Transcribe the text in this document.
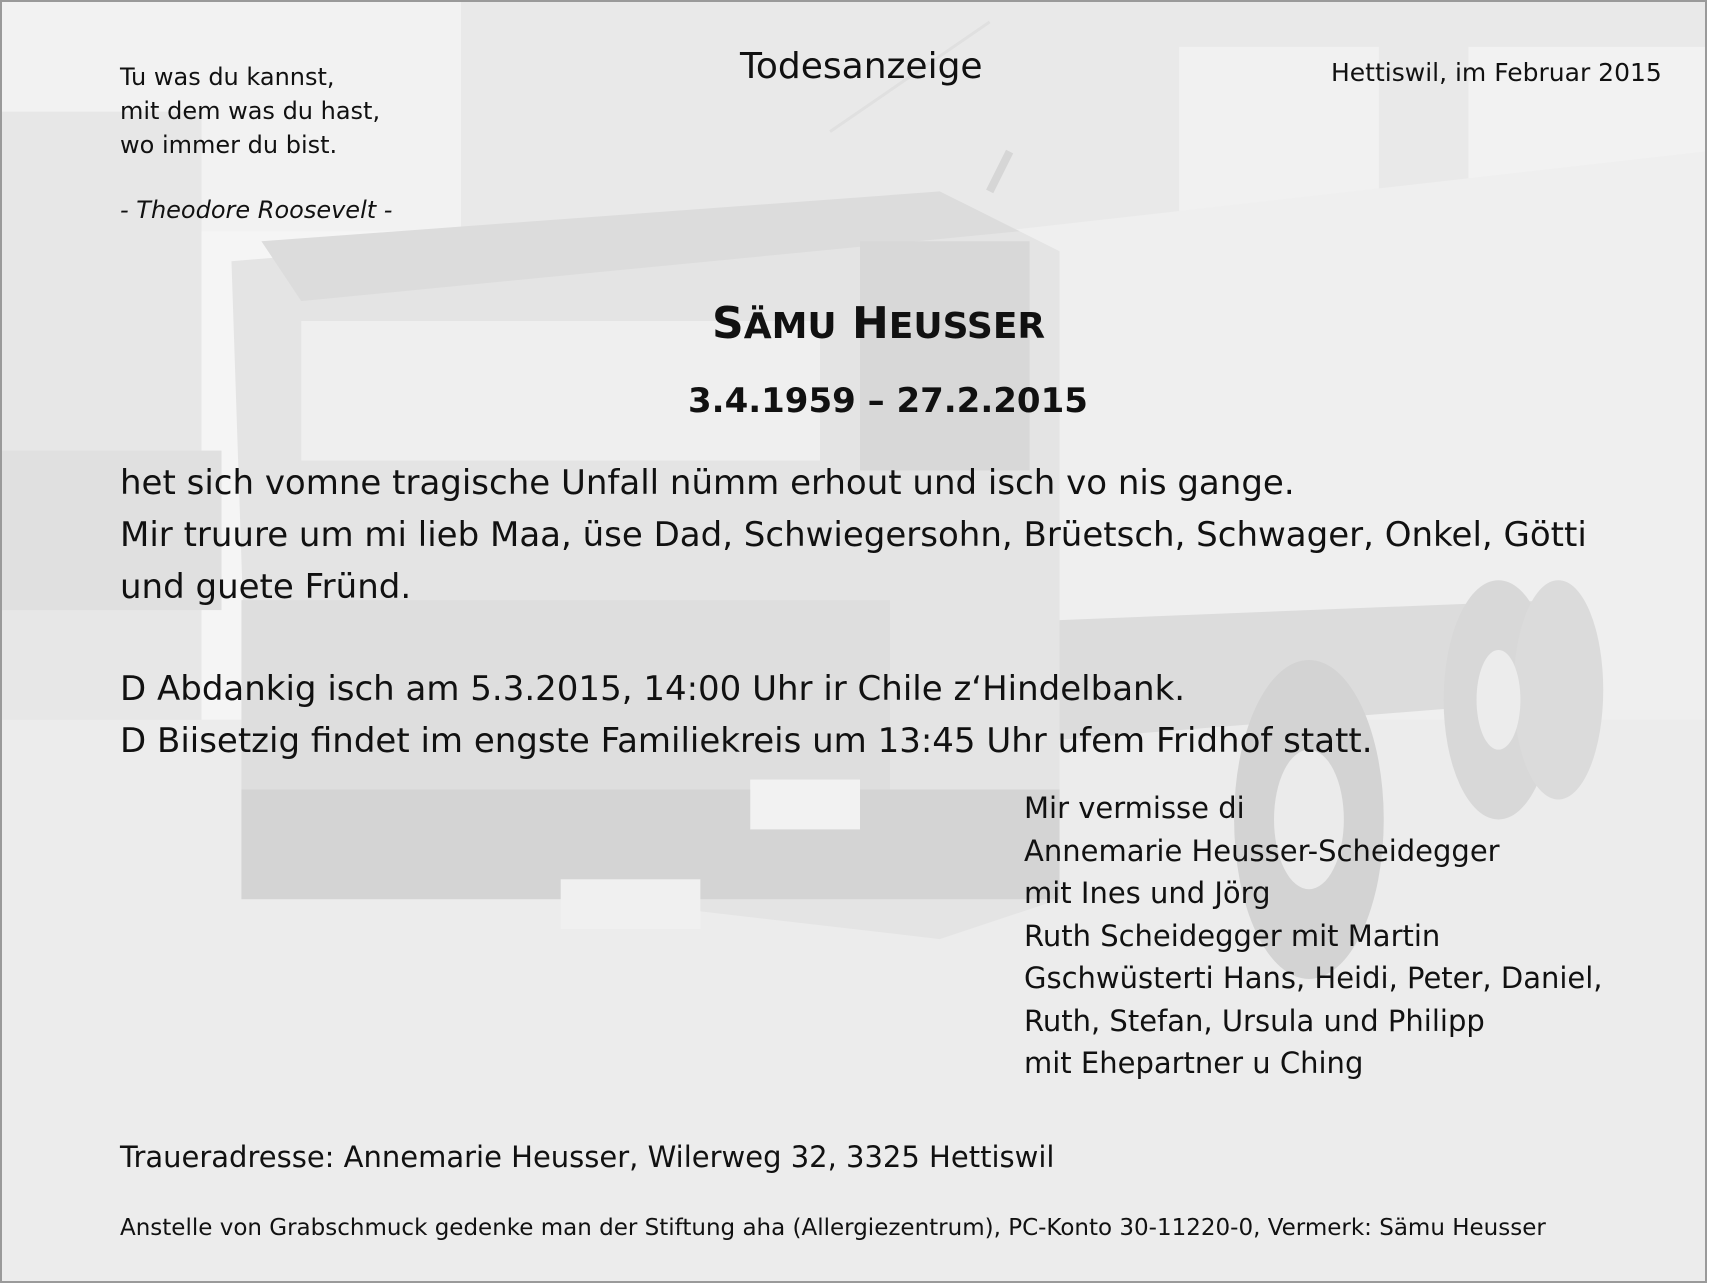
Tu was du kannst,
mit dem was du hast,
wo immer du bist.
- Theodore Roosevelt -
Todesanzeige	Hettiswil, im Februar 2015
SÄMU HEUSSER
3.4.1959 – 27.2.2015
het sich vomne tragische Unfall nümm erhout und isch vo nis gange.
Mir truure um mi lieb Maa, üse Dad, Schwiegersohn, Brüetsch, Schwager, Onkel, Götti
und guete Fründ.
D Abdankig isch am 5.3.2015, 14:00 Uhr ir Chile z‘Hindelbank.
D Biisetzig findet im engste Familiekreis um 13:45 Uhr ufem Fridhof statt.
Mir vermisse di
Annemarie Heusser-Scheidegger
mit Ines und Jörg
Ruth Scheidegger mit Martin
Gschwüsterti Hans, Heidi, Peter, Daniel,
Ruth, Stefan, Ursula und Philipp
mit Ehepartner u Ching
Traueradresse: Annemarie Heusser, Wilerweg 32, 3325 Hettiswil
Anstelle von Grabschmuck gedenke man der Stiftung aha (Allergiezentrum), PC-Konto 30-11220-0, Vermerk: Sämu Heusser
